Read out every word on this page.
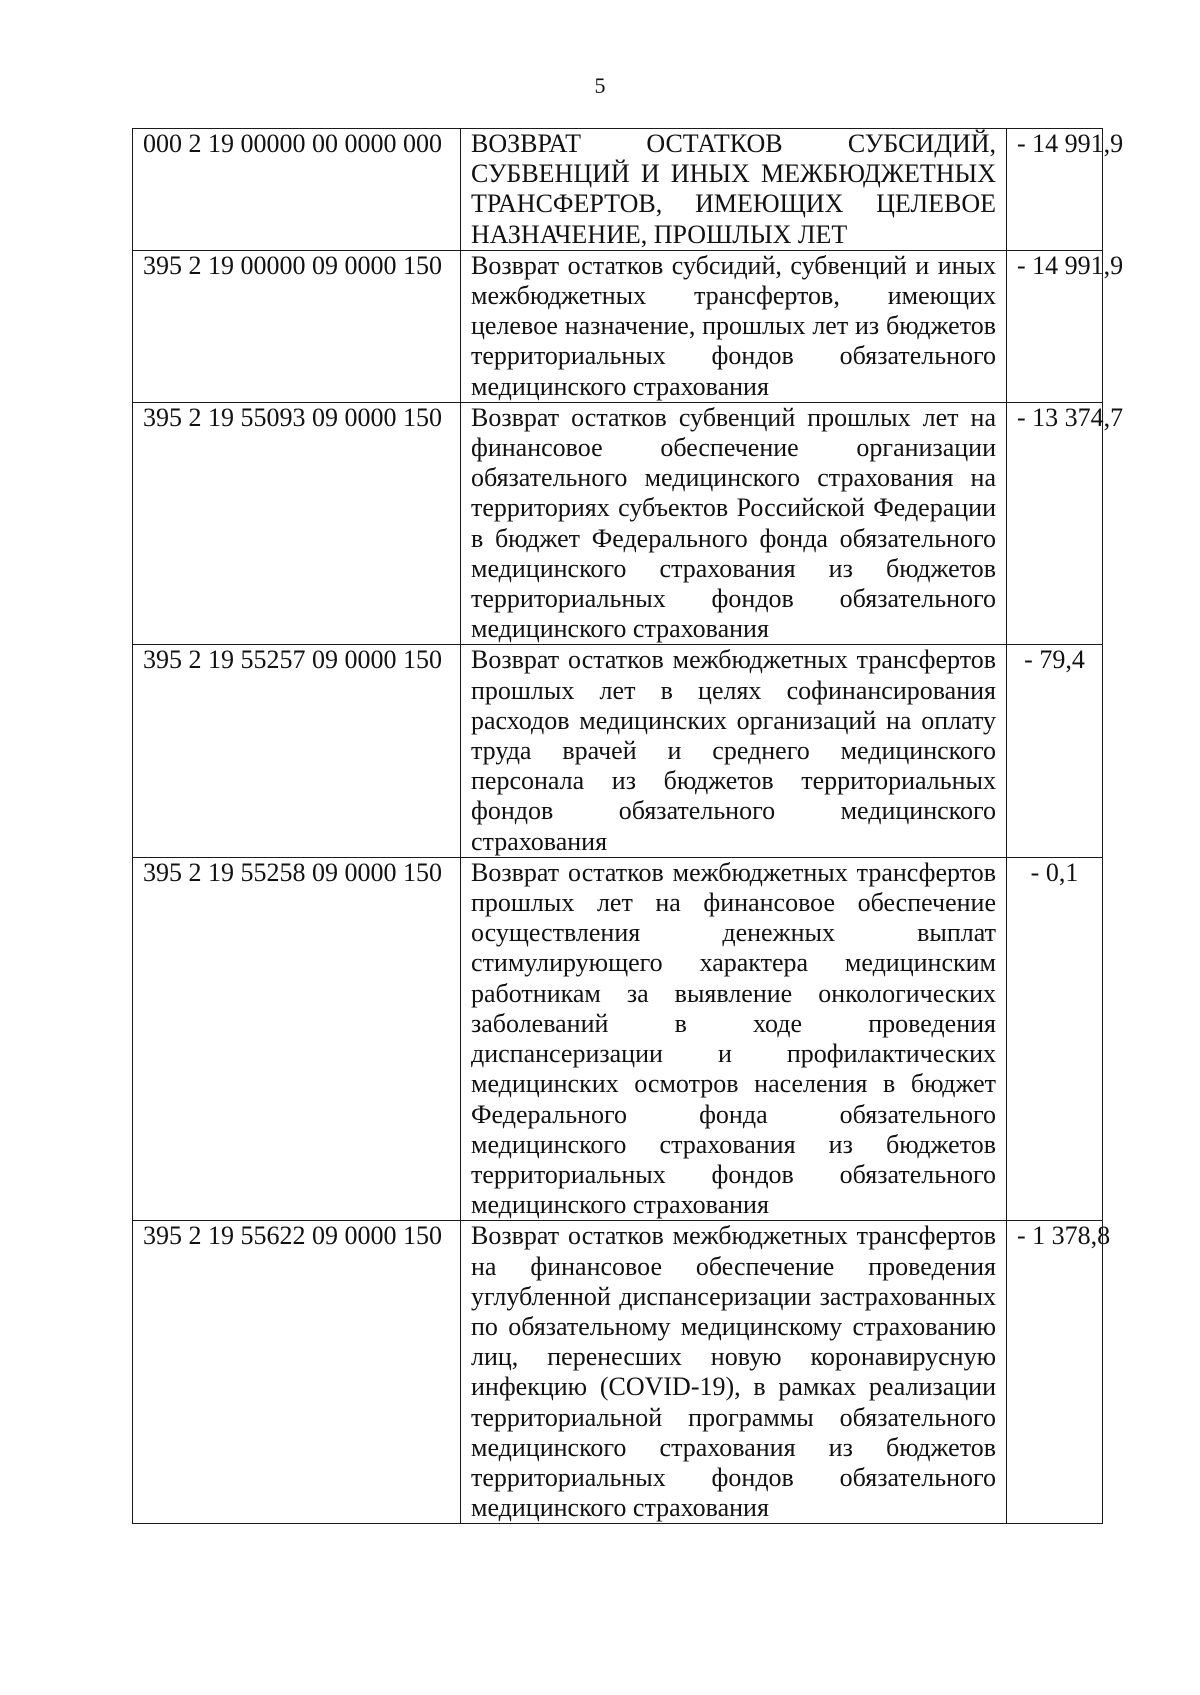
5
000 2 19 00000 00 0000 000	ВОЗВРАТ ОСТАТКОВ СУБСИДИЙ, СУБВЕНЦИЙ И ИНЫХ МЕЖБЮДЖЕТНЫХ ТРАНСФЕРТОВ, ИМЕЮЩИХ ЦЕЛЕВОЕ НАЗНАЧЕНИЕ, ПРОШЛЫХ ЛЕТ	- 14 991,9
395 2 19 00000 09 0000 150	Возврат остатков субсидий, субвенций и иных межбюджетных трансфертов, имеющих целевое назначение, прошлых лет из бюджетов территориальных фондов обязательного медицинского страхования	- 14 991,9
395 2 19 55093 09 0000 150	Возврат остатков субвенций прошлых лет на финансовое обеспечение организации обязательного медицинского страхования на территориях субъектов Российской Федерации в бюджет Федерального фонда обязательного медицинского страхования из бюджетов территориальных фондов обязательного медицинского страхования	- 13 374,7
395 2 19 55257 09 0000 150	Возврат остатков межбюджетных трансфертов прошлых лет в целях софинансирования расходов медицинских организаций на оплату труда врачей и среднего медицинского персонала из бюджетов территориальных фондов обязательного медицинского страхования	- 79,4
395 2 19 55258 09 0000 150	Возврат остатков межбюджетных трансфертов прошлых лет на финансовое обеспечение осуществления денежных выплат стимулирующего характера медицинским работникам за выявление онкологических заболеваний в ходе проведения диспансеризации и профилактических медицинских осмотров населения в бюджет Федерального фонда обязательного медицинского страхования из бюджетов территориальных фондов обязательного медицинского страхования	- 0,1
395 2 19 55622 09 0000 150	Возврат остатков межбюджетных трансфертов на финансовое обеспечение проведения углубленной диспансеризации застрахованных по обязательному медицинскому страхованию лиц, перенесших новую коронавирусную инфекцию (COVID-19), в рамках реализации территориальной программы обязательного медицинского страхования из бюджетов территориальных фондов обязательного медицинского страхования	- 1 378,8
